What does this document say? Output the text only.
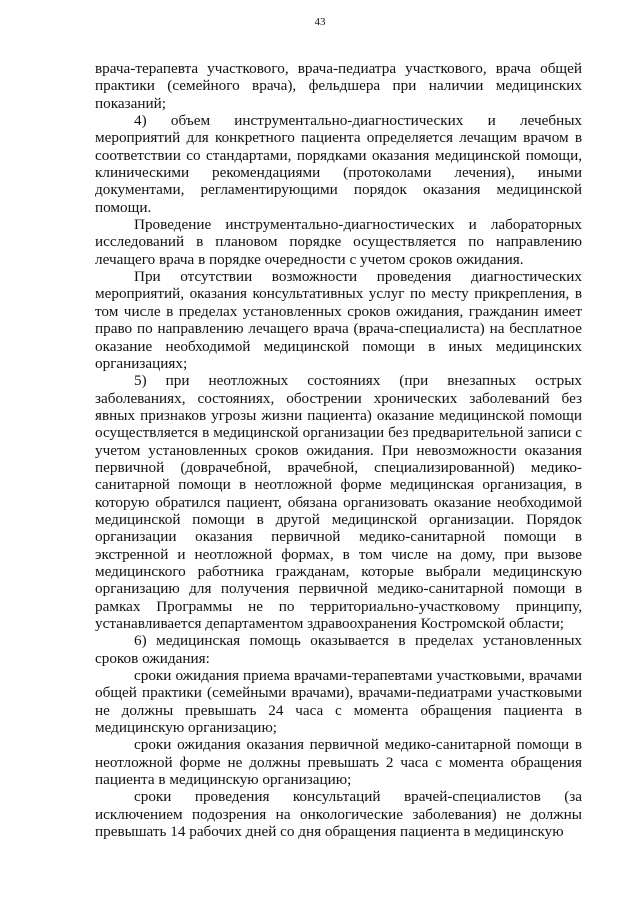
43

врача-терапевта участкового, врача-педиатра участкового, врача общей практики (семейного врача), фельдшера при наличии медицинских показаний;

4) объем инструментально-диагностических и лечебных мероприятий для конкретного пациента определяется лечащим врачом в соответствии со стандартами, порядками оказания медицинской помощи, клиническими рекомендациями (протоколами лечения), иными документами, регламентирующими порядок оказания медицинской помощи.

Проведение инструментально-диагностических и лабораторных исследований в плановом порядке осуществляется по направлению лечащего врача в порядке очередности с учетом сроков ожидания.

При отсутствии возможности проведения диагностических мероприятий, оказания консультативных услуг по месту прикрепления, в том числе в пределах установленных сроков ожидания, гражданин имеет право по направлению лечащего врача (врача-специалиста) на бесплатное оказание необходимой медицинской помощи в иных медицинских организациях;

5) при неотложных состояниях (при внезапных острых заболеваниях, состояниях, обострении хронических заболеваний без явных признаков угрозы жизни пациента) оказание медицинской помощи осуществляется в медицинской организации без предварительной записи с учетом установленных сроков ожидания. При невозможности оказания первичной (доврачебной, врачебной, специализированной) медико-санитарной помощи в неотложной форме медицинская организация, в которую обратился пациент, обязана организовать оказание необходимой медицинской помощи в другой медицинской организации. Порядок организации оказания первичной медико-санитарной помощи в экстренной и неотложной формах, в том числе на дому, при вызове медицинского работника гражданам, которые выбрали медицинскую организацию для получения первичной медико-санитарной помощи в рамках Программы не по территориально-участковому принципу, устанавливается департаментом здравоохранения Костромской области;

6) медицинская помощь оказывается в пределах установленных сроков ожидания:

сроки ожидания приема врачами-терапевтами участковыми, врачами общей практики (семейными врачами), врачами-педиатрами участковыми не должны превышать 24 часа с момента обращения пациента в медицинскую организацию;

сроки ожидания оказания первичной медико-санитарной помощи в неотложной форме не должны превышать 2 часа с момента обращения пациента в медицинскую организацию;

сроки проведения консультаций врачей-специалистов (за исключением подозрения на онкологические заболевания) не должны превышать 14 рабочих дней со дня обращения пациента в медицинскую
